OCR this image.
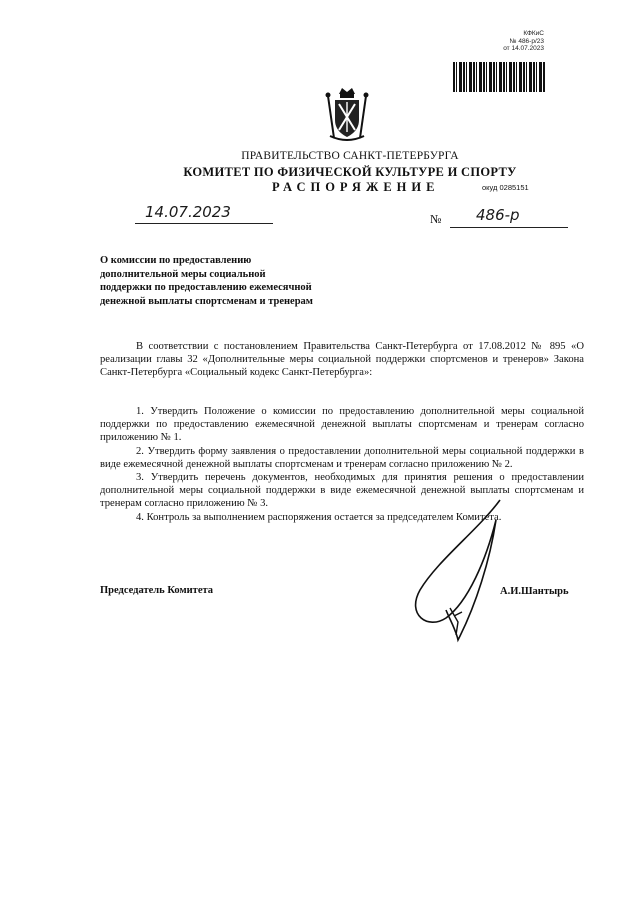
КФКиС
№ 486-р/23
от 14.07.2023
ПРАВИТЕЛЬСТВО САНКТ-ПЕТЕРБУРГА
КОМИТЕТ ПО ФИЗИЧЕСКОЙ КУЛЬТУРЕ И СПОРТУ
РАСПОРЯЖЕНИЕ	окуд 0285151
14.07.2023	№ 486-р
О комиссии по предоставлению
дополнительной меры социальной
поддержки по предоставлению ежемесячной
денежной выплаты спортсменам и тренерам

В соответствии с постановлением Правительства Санкт-Петербурга от 17.08.2012 № 895 «О реализации главы 32 «Дополнительные меры социальной поддержки спортсменов и тренеров» Закона Санкт-Петербурга «Социальный кодекс Санкт-Петербурга»:

1. Утвердить Положение о комиссии по предоставлению дополнительной меры социальной поддержки по предоставлению ежемесячной денежной выплаты спортсменам и тренерам согласно приложению № 1.

2. Утвердить форму заявления о предоставлении дополнительной меры социальной поддержки в виде ежемесячной денежной выплаты спортсменам и тренерам согласно приложению № 2.

3. Утвердить перечень документов, необходимых для принятия решения о предоставлении дополнительной меры социальной поддержки в виде ежемесячной денежной выплаты спортсменам и тренерам согласно приложению № 3.

4. Контроль за выполнением распоряжения остается за председателем Комитета.

Председатель Комитета	А.И.Шантырь
